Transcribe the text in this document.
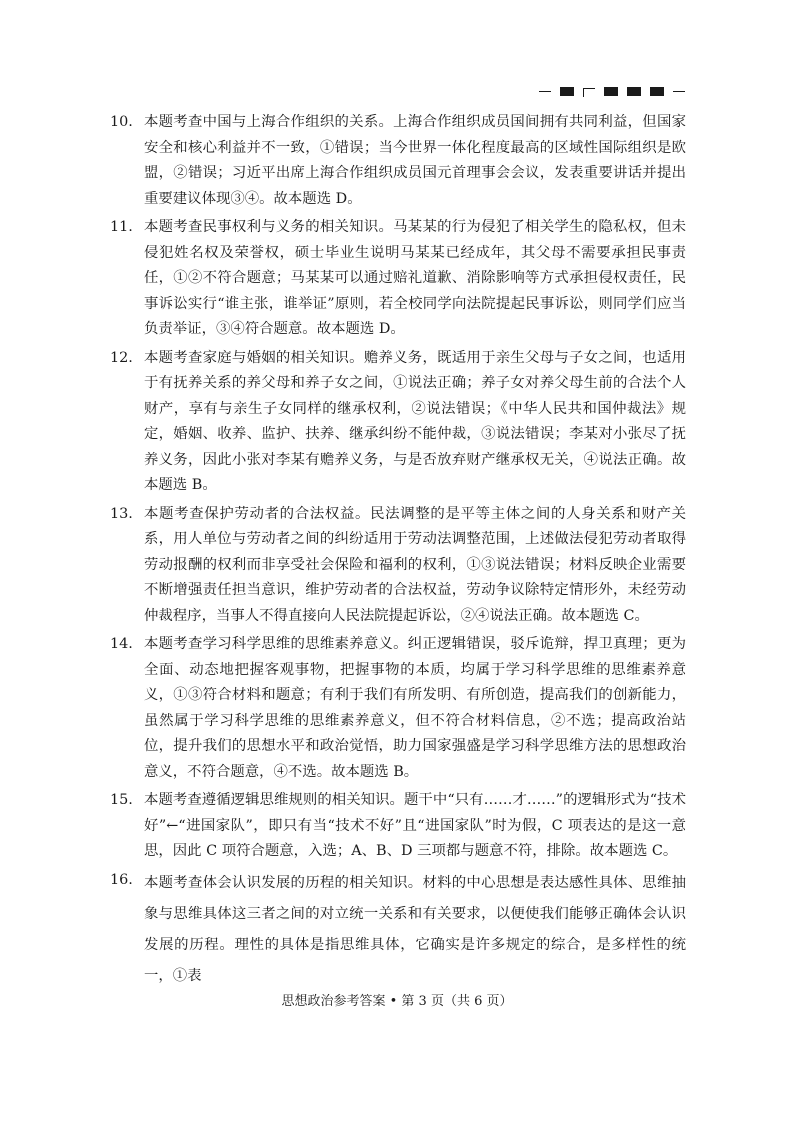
10. 本题考查中国与上海合作组织的关系。上海合作组织成员国间拥有共同利益，但国家安全和核心利益并不一致，①错误；当今世界一体化程度最高的区域性国际组织是欧盟，②错误；习近平出席上海合作组织成员国元首理事会会议，发表重要讲话并提出重要建议体现③④。故本题选 D。
11. 本题考查民事权利与义务的相关知识。马某某的行为侵犯了相关学生的隐私权，但未侵犯姓名权及荣誉权，硕士毕业生说明马某某已经成年，其父母不需要承担民事责任，①②不符合题意；马某某可以通过赔礼道歉、消除影响等方式承担侵权责任，民事诉讼实行“谁主张，谁举证”原则，若全校同学向法院提起民事诉讼，则同学们应当负责举证，③④符合题意。故本题选 D。
12. 本题考查家庭与婚姻的相关知识。赡养义务，既适用于亲生父母与子女之间，也适用于有抚养关系的养父母和养子女之间，①说法正确；养子女对养父母生前的合法个人财产，享有与亲生子女同样的继承权利，②说法错误；《中华人民共和国仲裁法》规定，婚姻、收养、监护、扶养、继承纠纷不能仲裁，③说法错误；李某对小张尽了抚养义务，因此小张对李某有赡养义务，与是否放弃财产继承权无关，④说法正确。故本题选 B。
13. 本题考查保护劳动者的合法权益。民法调整的是平等主体之间的人身关系和财产关系，用人单位与劳动者之间的纠纷适用于劳动法调整范围，上述做法侵犯劳动者取得劳动报酬的权利而非享受社会保险和福利的权利，①③说法错误；材料反映企业需要不断增强责任担当意识，维护劳动者的合法权益，劳动争议除特定情形外，未经劳动仲裁程序，当事人不得直接向人民法院提起诉讼，②④说法正确。故本题选 C。
14. 本题考查学习科学思维的思维素养意义。纠正逻辑错误，驳斥诡辩，捍卫真理；更为全面、动态地把握客观事物，把握事物的本质，均属于学习科学思维的思维素养意义，①③符合材料和题意；有利于我们有所发明、有所创造，提高我们的创新能力，虽然属于学习科学思维的思维素养意义，但不符合材料信息，②不选；提高政治站位，提升我们的思想水平和政治觉悟，助力国家强盛是学习科学思维方法的思想政治意义，不符合题意，④不选。故本题选 B。
15. 本题考查遵循逻辑思维规则的相关知识。题干中“只有……才……”的逻辑形式为“技术好”←“进国家队”，即只有当“技术不好”且“进国家队”时为假，C 项表达的是这一意思，因此 C 项符合题意，入选；A、B、D 三项都与题意不符，排除。故本题选 C。
16. 本题考查体会认识发展的历程的相关知识。材料的中心思想是表达感性具体、思维抽象与思维具体这三者之间的对立统一关系和有关要求，以便使我们能够正确体会认识发展的历程。理性的具体是指思维具体，它确实是许多规定的综合，是多样性的统一，①表
思想政治参考答案 • 第 3 页（共 6 页）
